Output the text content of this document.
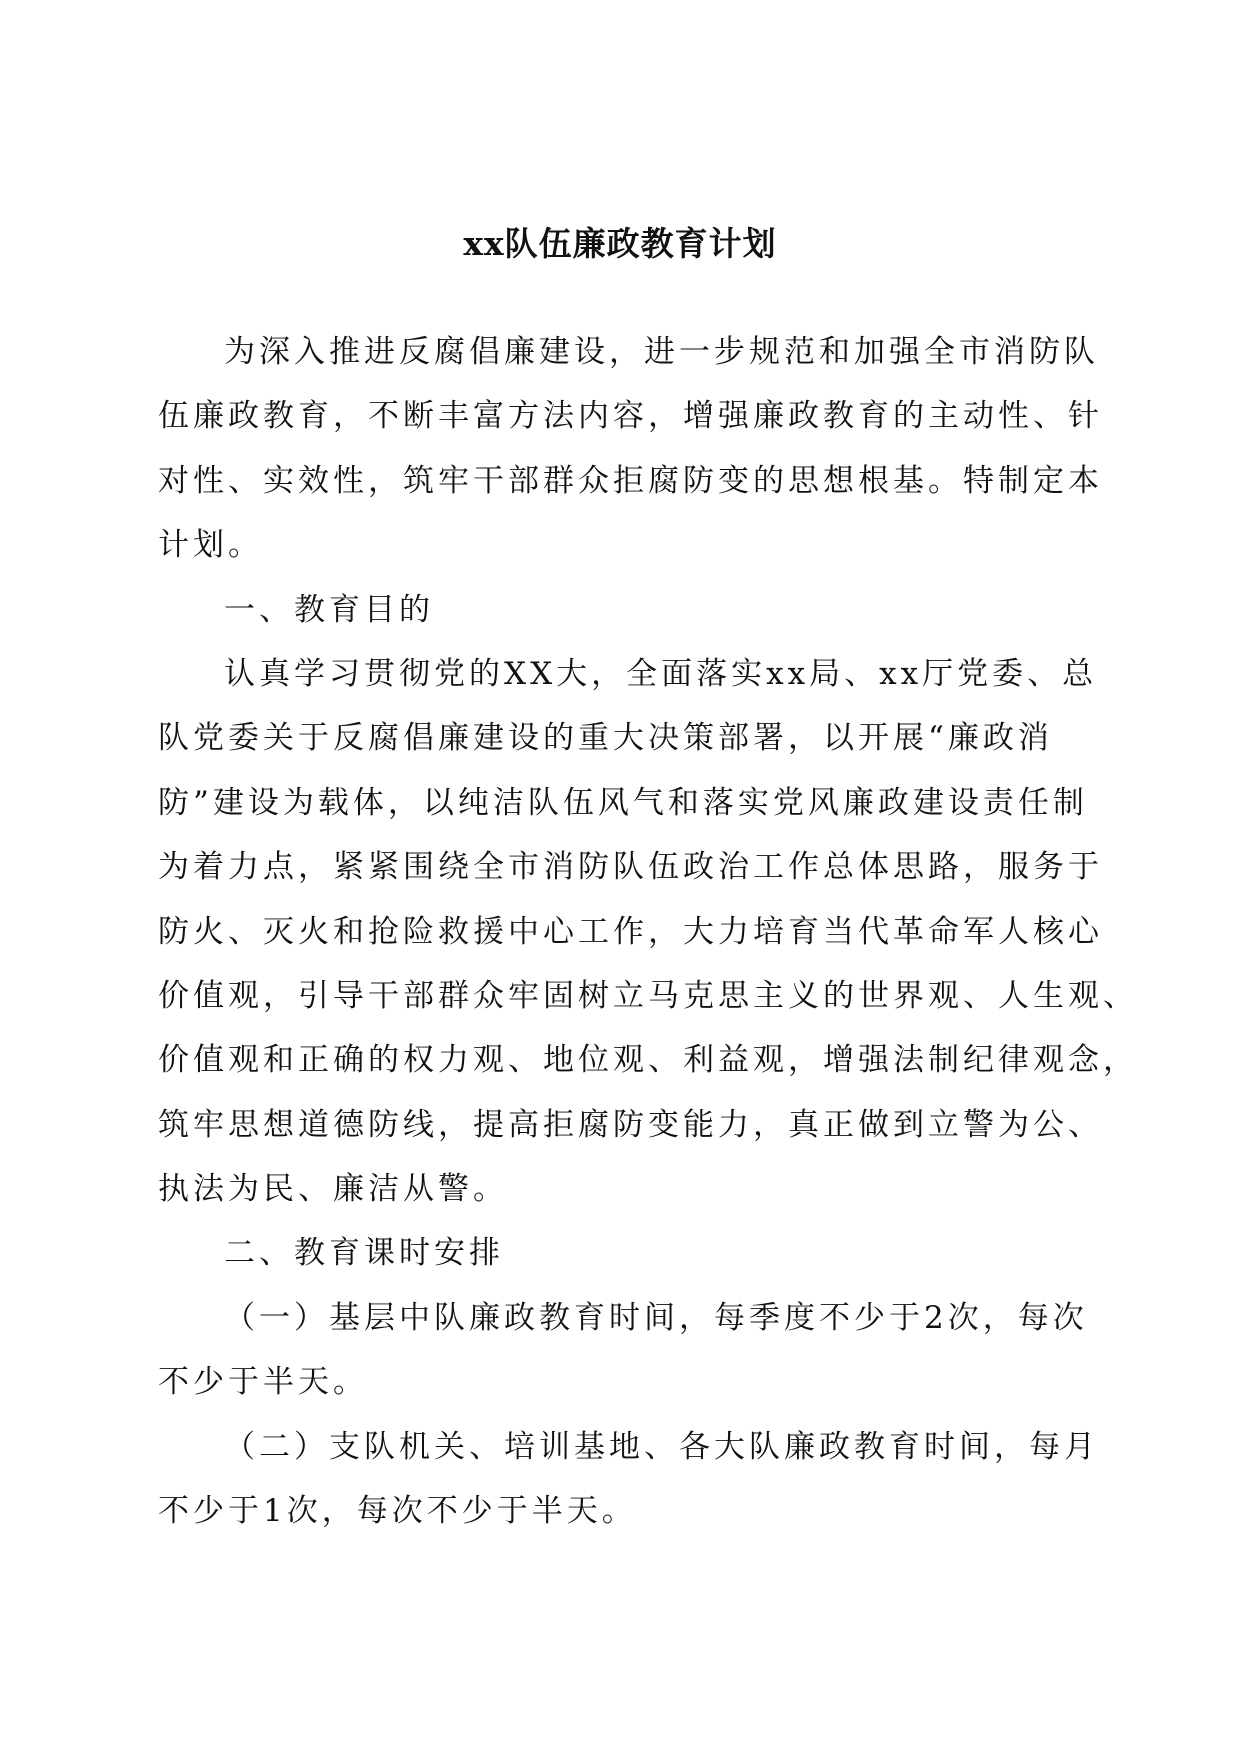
xx队伍廉政教育计划
为深入推进反腐倡廉建设，进一步规范和加强全市消防队
伍廉政教育，不断丰富方法内容，增强廉政教育的主动性、针
对性、实效性，筑牢干部群众拒腐防变的思想根基。特制定本
计划。
一、教育目的
认真学习贯彻党的XX大，全面落实xx局、xx厅党委、总
队党委关于反腐倡廉建设的重大决策部署，以开展“廉政消
防”建设为载体，以纯洁队伍风气和落实党风廉政建设责任制
为着力点，紧紧围绕全市消防队伍政治工作总体思路，服务于
防火、灭火和抢险救援中心工作，大力培育当代革命军人核心
价值观，引导干部群众牢固树立马克思主义的世界观、人生观、
价值观和正确的权力观、地位观、利益观，增强法制纪律观念，
筑牢思想道德防线，提高拒腐防变能力，真正做到立警为公、
执法为民、廉洁从警。
二、教育课时安排
（一）基层中队廉政教育时间，每季度不少于2次，每次
不少于半天。
（二）支队机关、培训基地、各大队廉政教育时间，每月
不少于1次，每次不少于半天。
